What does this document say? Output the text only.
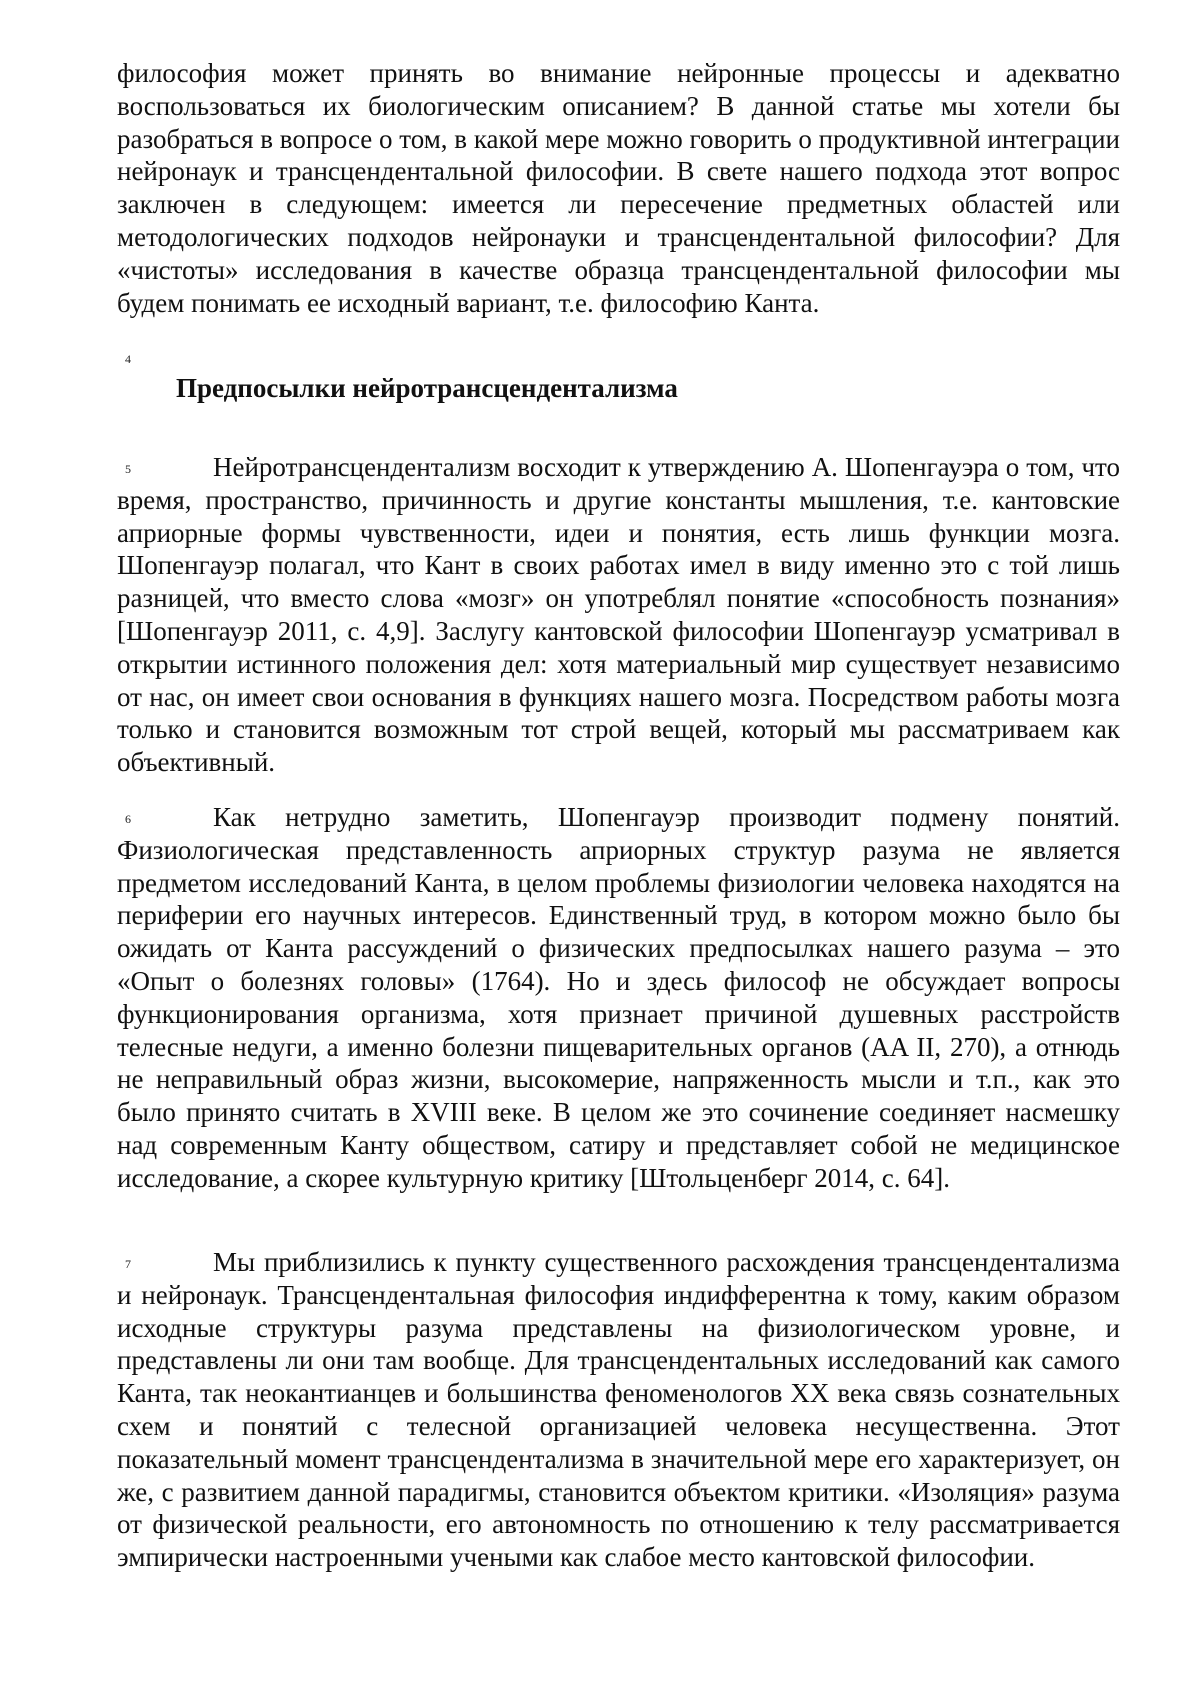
философия может принять во внимание нейронные процессы и адекватно воспользоваться их биологическим описанием? В данной статье мы хотели бы разобраться в вопросе о том, в какой мере можно говорить о продуктивной интеграции нейронаук и трансцендентальной философии. В свете нашего подхода этот вопрос заключен в следующем: имеется ли пересечение предметных областей или методологических подходов нейронауки и трансцендентальной философии? Для «чистоты» исследования в качестве образца трансцендентальной философии мы будем понимать ее исходный вариант, т.е. философию Канта.

4
Предпосылки нейротрансцендентализма
5	Нейротрансцендентализм восходит к утверждению А. Шопенгауэра о том, что время, пространство, причинность и другие константы мышления, т.е. кантовские априорные формы чувственности, идеи и понятия, есть лишь функции мозга. Шопенгауэр полагал, что Кант в своих работах имел в виду именно это с той лишь разницей, что вместо слова «мозг» он употреблял понятие «способность познания» [Шопенгауэр 2011, с. 4,9]. Заслугу кантовской философии Шопенгауэр усматривал в открытии истинного положения дел: хотя материальный мир существует независимо от нас, он имеет свои основания в функциях нашего мозга. Посредством работы мозга только и становится возможным тот строй вещей, который мы рассматриваем как объективный.

6	Как нетрудно заметить, Шопенгауэр производит подмену понятий. Физиологическая представленность априорных структур разума не является предметом исследований Канта, в целом проблемы физиологии человека находятся на периферии его научных интересов. Единственный труд, в котором можно было бы ожидать от Канта рассуждений о физических предпосылках нашего разума – это «Опыт о болезнях головы» (1764). Но и здесь философ не обсуждает вопросы функционирования организма, хотя признает причиной душевных расстройств телесные недуги, а именно болезни пищеварительных органов (AA II, 270), а отнюдь не неправильный образ жизни, высокомерие, напряженность мысли и т.п., как это было принято считать в XVIII веке. В целом же это сочинение соединяет насмешку над современным Канту обществом, сатиру и представляет собой не медицинское исследование, а скорее культурную критику [Штольценберг 2014, с. 64].

7	Мы приблизились к пункту существенного расхождения трансцендентализма и нейронаук. Трансцендентальная философия индифферентна к тому, каким образом исходные структуры разума представлены на физиологическом уровне, и представлены ли они там вообще. Для трансцендентальных исследований как самого Канта, так неокантианцев и большинства феноменологов XX века связь сознательных схем и понятий с телесной организацией человека несущественна. Этот показательный момент трансцендентализма в значительной мере его характеризует, он же, с развитием данной парадигмы, становится объектом критики. «Изоляция» разума от физической реальности, его автономность по отношению к телу рассматривается эмпирически настроенными учеными как слабое место кантовской философии.
